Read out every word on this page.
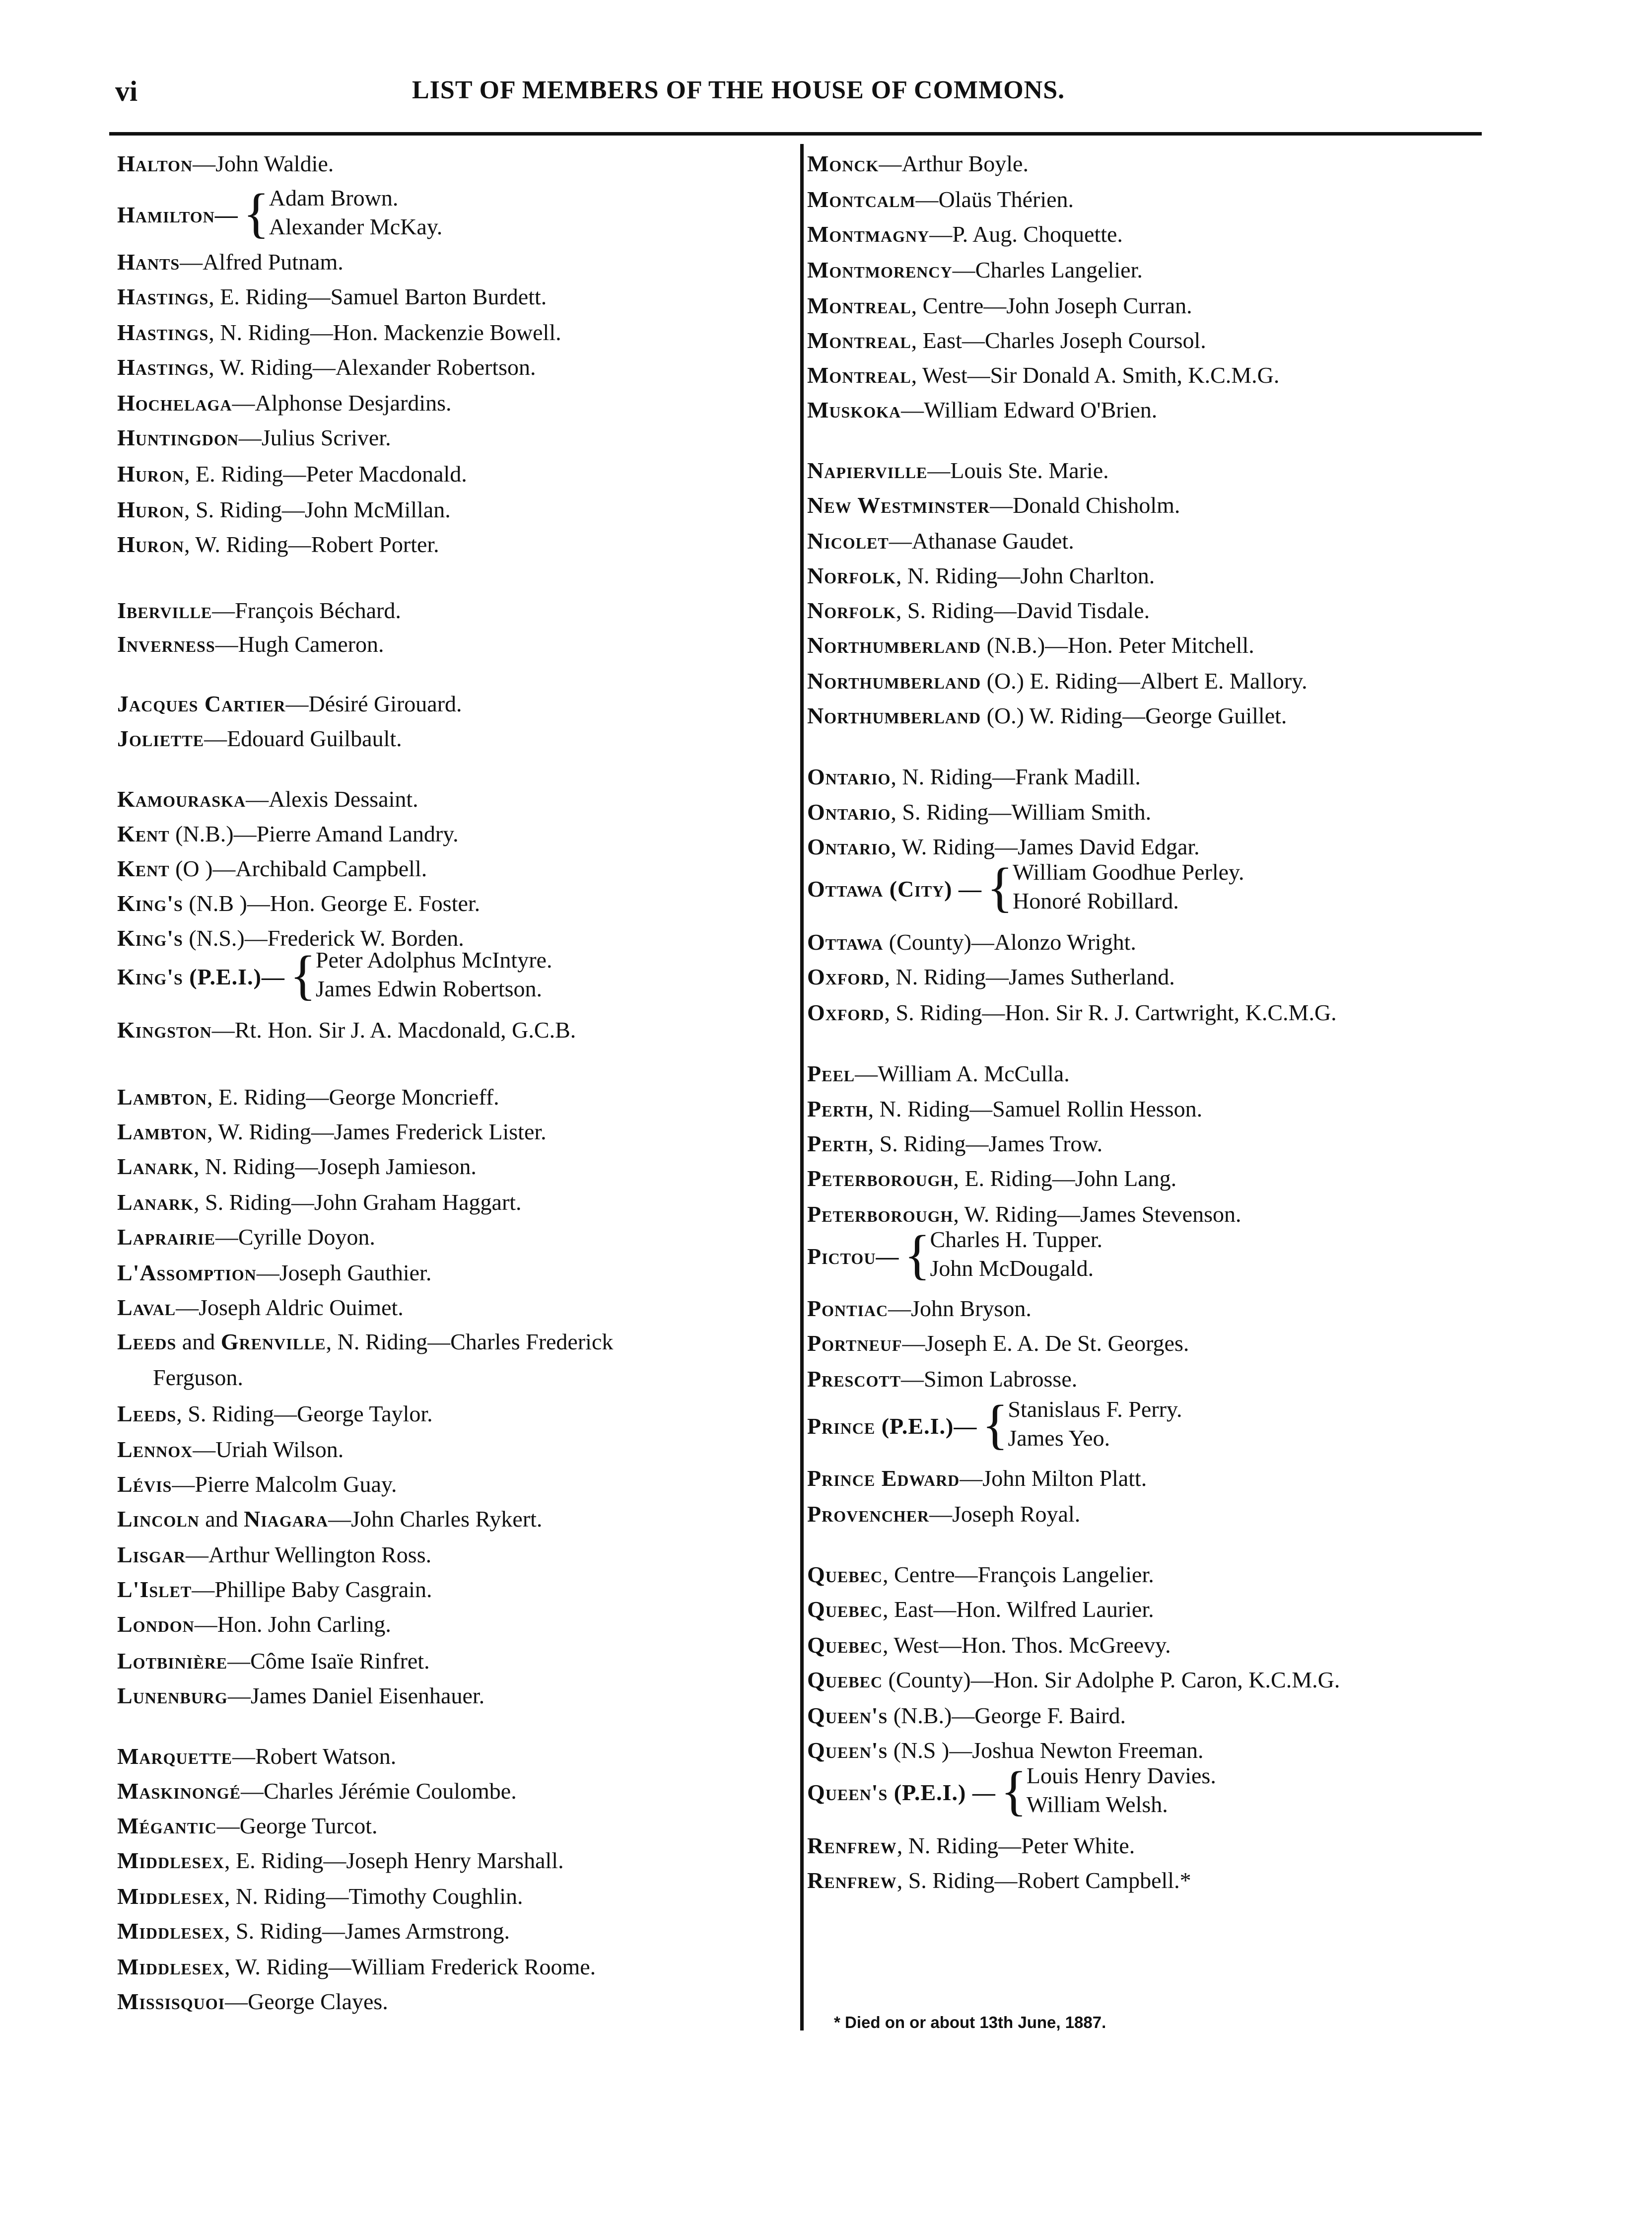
vi	LIST OF MEMBERS OF THE HOUSE OF COMMONS.
Halton—John Waldie.
Hamilton— { Adam Brown.
Alexander McKay.
Hants—Alfred Putnam.
Hastings, E. Riding—Samuel Barton Burdett.
Hastings, N. Riding—Hon. Mackenzie Bowell.
Hastings, W. Riding—Alexander Robertson.
Hochelaga—Alphonse Desjardins.
Huntingdon—Julius Scriver.
Huron, E. Riding—Peter Macdonald.
Huron, S. Riding—John McMillan.
Huron, W. Riding—Robert Porter.
Iberville—François Béchard.
Inverness—Hugh Cameron.
Jacques Cartier—Désiré Girouard.
Joliette—Edouard Guilbault.
Kamouraska—Alexis Dessaint.
Kent (N.B.)—Pierre Amand Landry.
Kent (O )—Archibald Campbell.
King's (N.B )—Hon. George E. Foster.
King's (N.S.)—Frederick W. Borden.
King's (P.E.I.)— { Peter Adolphus McIntyre.
James Edwin Robertson.
Kingston—Rt. Hon. Sir J. A. Macdonald, G.C.B.
Lambton, E. Riding—George Moncrieff.
Lambton, W. Riding—James Frederick Lister.
Lanark, N. Riding—Joseph Jamieson.
Lanark, S. Riding—John Graham Haggart.
Laprairie—Cyrille Doyon.
L'Assomption—Joseph Gauthier.
Laval—Joseph Aldric Ouimet.
Leeds and Grenville, N. Riding—Charles Frederick
Ferguson.
Leeds, S. Riding—George Taylor.
Lennox—Uriah Wilson.
Lévis—Pierre Malcolm Guay.
Lincoln and Niagara—John Charles Rykert.
Lisgar—Arthur Wellington Ross.
L'Islet—Phillipe Baby Casgrain.
London—Hon. John Carling.
Lotbinière—Côme Isaïe Rinfret.
Lunenburg—James Daniel Eisenhauer.
Marquette—Robert Watson.
Maskinongé—Charles Jérémie Coulombe.
Mégantic—George Turcot.
Middlesex, E. Riding—Joseph Henry Marshall.
Middlesex, N. Riding—Timothy Coughlin.
Middlesex, S. Riding—James Armstrong.
Middlesex, W. Riding—William Frederick Roome.
Missisquoi—George Clayes.
Monck—Arthur Boyle.
Montcalm—Olaüs Thérien.
Montmagny—P. Aug. Choquette.
Montmorency—Charles Langelier.
Montreal, Centre—John Joseph Curran.
Montreal, East—Charles Joseph Coursol.
Montreal, West—Sir Donald A. Smith, K.C.M.G.
Muskoka—William Edward O'Brien.
Napierville—Louis Ste. Marie.
New Westminster—Donald Chisholm.
Nicolet—Athanase Gaudet.
Norfolk, N. Riding—John Charlton.
Norfolk, S. Riding—David Tisdale.
Northumberland (N.B.)—Hon. Peter Mitchell.
Northumberland (O.) E. Riding—Albert E. Mallory.
Northumberland (O.) W. Riding—George Guillet.
Ontario, N. Riding—Frank Madill.
Ontario, S. Riding—William Smith.
Ontario, W. Riding—James David Edgar.
Ottawa (City) — { William Goodhue Perley.
Honoré Robillard.
Ottawa (County)—Alonzo Wright.
Oxford, N. Riding—James Sutherland.
Oxford, S. Riding—Hon. Sir R. J. Cartwright, K.C.M.G.
Peel—William A. McCulla.
Perth, N. Riding—Samuel Rollin Hesson.
Perth, S. Riding—James Trow.
Peterborough, E. Riding—John Lang.
Peterborough, W. Riding—James Stevenson.
Pictou— { Charles H. Tupper.
John McDougald.
Pontiac—John Bryson.
Portneuf—Joseph E. A. De St. Georges.
Prescott—Simon Labrosse.
Prince (P.E.I.)— { Stanislaus F. Perry.
James Yeo.
Prince Edward—John Milton Platt.
Provencher—Joseph Royal.
Quebec, Centre—François Langelier.
Quebec, East—Hon. Wilfred Laurier.
Quebec, West—Hon. Thos. McGreevy.
Quebec (County)—Hon. Sir Adolphe P. Caron, K.C.M.G.
Queen's (N.B.)—George F. Baird.
Queen's (N.S )—Joshua Newton Freeman.
Queen's (P.E.I.) — { Louis Henry Davies.
William Welsh.
Renfrew, N. Riding—Peter White.
Renfrew, S. Riding—Robert Campbell.*
* Died on or about 13th June, 1887.
